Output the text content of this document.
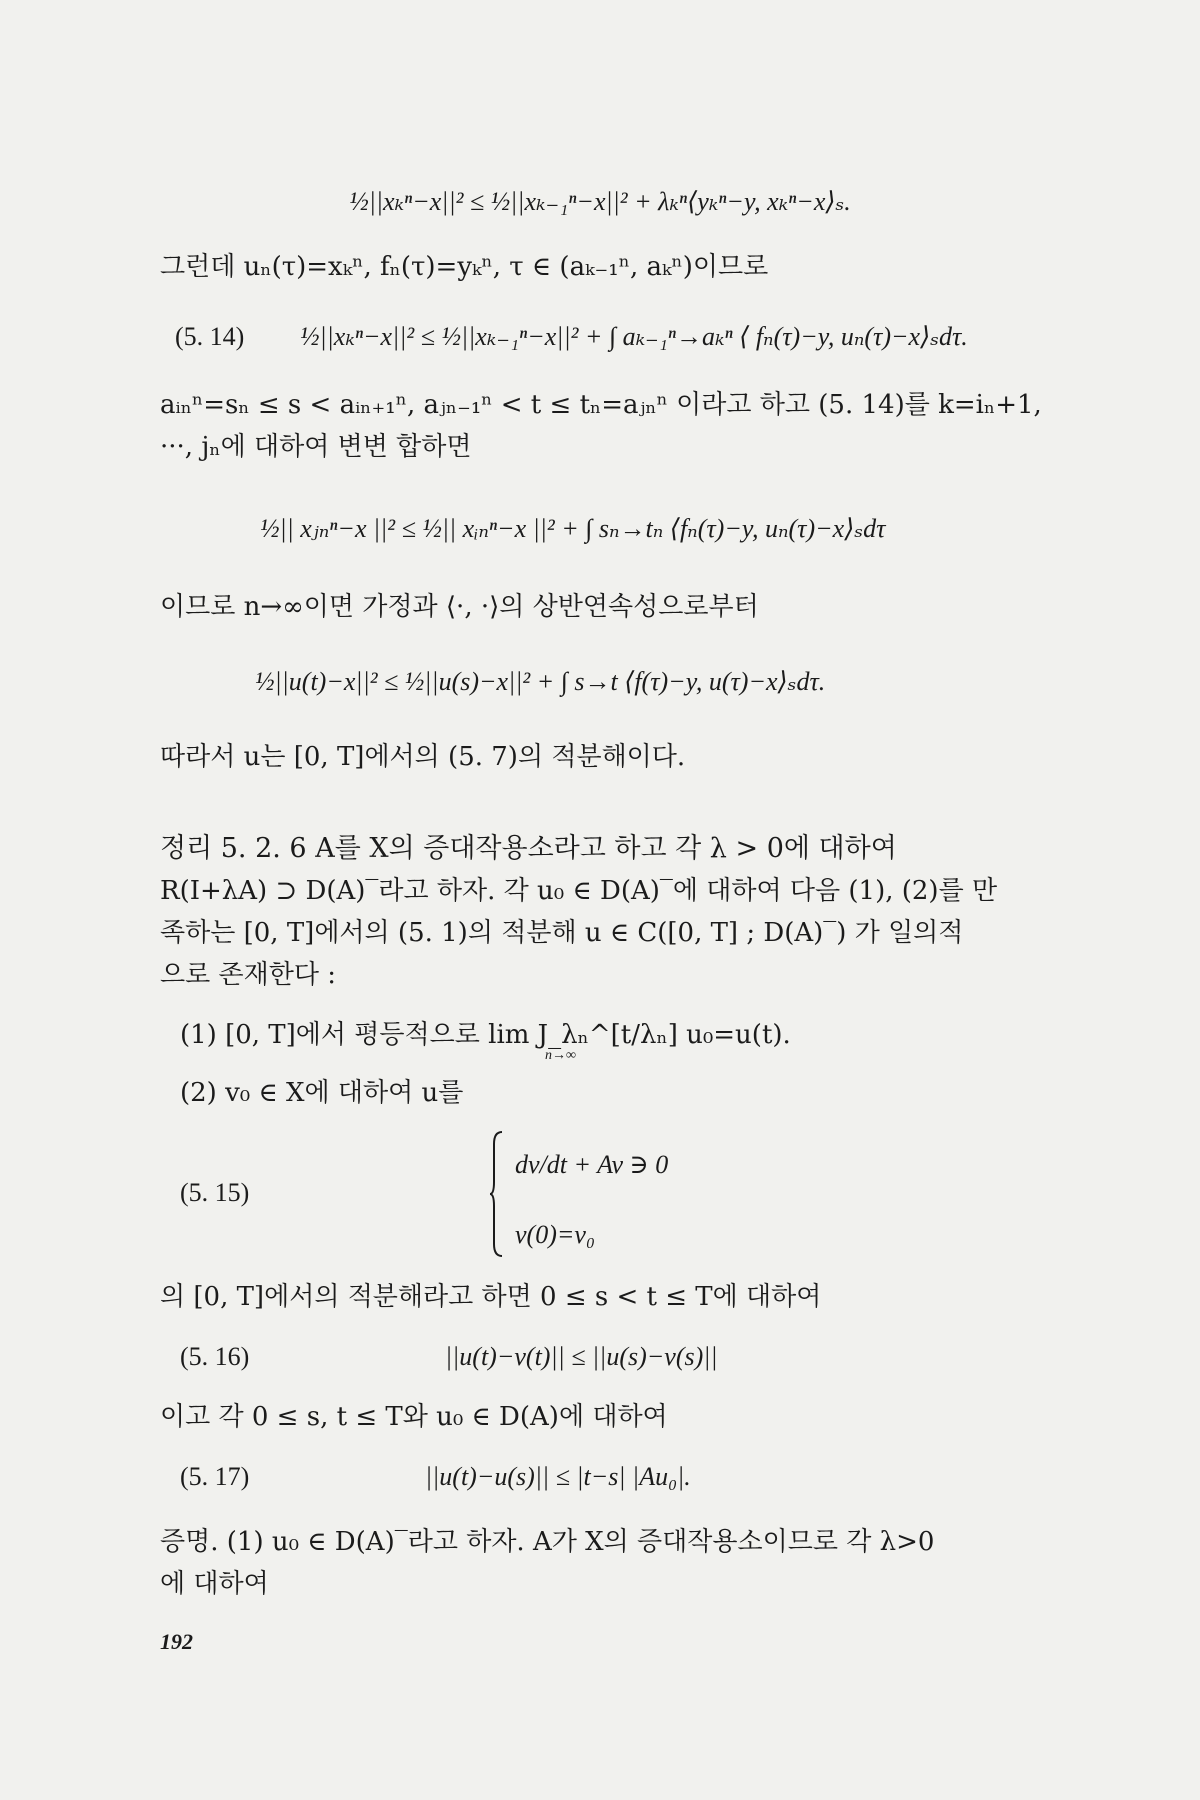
½||xₖⁿ−x||² ≤ ½||xₖ₋₁ⁿ−x||² + λₖⁿ⟨yₖⁿ−y, xₖⁿ−x⟩ₛ.
그런데 uₙ(τ)=xₖⁿ, fₙ(τ)=yₖⁿ, τ ∈ (aₖ₋₁ⁿ, aₖⁿ)이므로
(5. 14) ½||xₖⁿ−x||² ≤ ½||xₖ₋₁ⁿ−x||² + ∫ aₖ₋₁ⁿ→aₖⁿ ⟨ fₙ(τ)−y, uₙ(τ)−x⟩ₛdτ.
aᵢₙⁿ=sₙ ≤ s < aᵢₙ₊₁ⁿ, aⱼₙ₋₁ⁿ < t ≤ tₙ=aⱼₙⁿ 이라고 하고 (5. 14)를 k=iₙ+1,
···, jₙ에 대하여 변변 합하면
½|| xⱼₙⁿ−x ||² ≤ ½|| xᵢₙⁿ−x ||² + ∫ sₙ→tₙ ⟨fₙ(τ)−y, uₙ(τ)−x⟩ₛdτ
이므로 n→∞이면 가정과 ⟨·, ·⟩의 상반연속성으로부터
½||u(t)−x||² ≤ ½||u(s)−x||² + ∫ s→t ⟨f(τ)−y, u(τ)−x⟩ₛdτ.
따라서 u는 [0, T]에서의 (5. 7)의 적분해이다.
정리 5. 2. 6 A를 X의 증대작용소라고 하고 각 λ > 0에 대하여
R(I+λA) ⊃ D(A)‾라고 하자. 각 u₀ ∈ D(A)‾에 대하여 다음 (1), (2)를 만
족하는 [0, T]에서의 (5. 1)의 적분해 u ∈ C([0, T] ; D(A)‾) 가 일의적
으로 존재한다 :
(1) [0, T]에서 평등적으로 lim J_λₙ^[t/λₙ] u₀=u(t).
n→∞
(2) v₀ ∈ X에 대하여 u를
(5. 15)
dv/dt + Av ∋ 0
v(0)=v₀
의 [0, T]에서의 적분해라고 하면 0 ≤ s < t ≤ T에 대하여
(5. 16)	||u(t)−v(t)|| ≤ ||u(s)−v(s)||
이고 각 0 ≤ s, t ≤ T와 u₀ ∈ D(A)에 대하여
(5. 17)	||u(t)−u(s)|| ≤ |t−s| |Au₀|.
증명. (1) u₀ ∈ D(A)‾라고 하자. A가 X의 증대작용소이므로 각 λ>0
에 대하여
192
